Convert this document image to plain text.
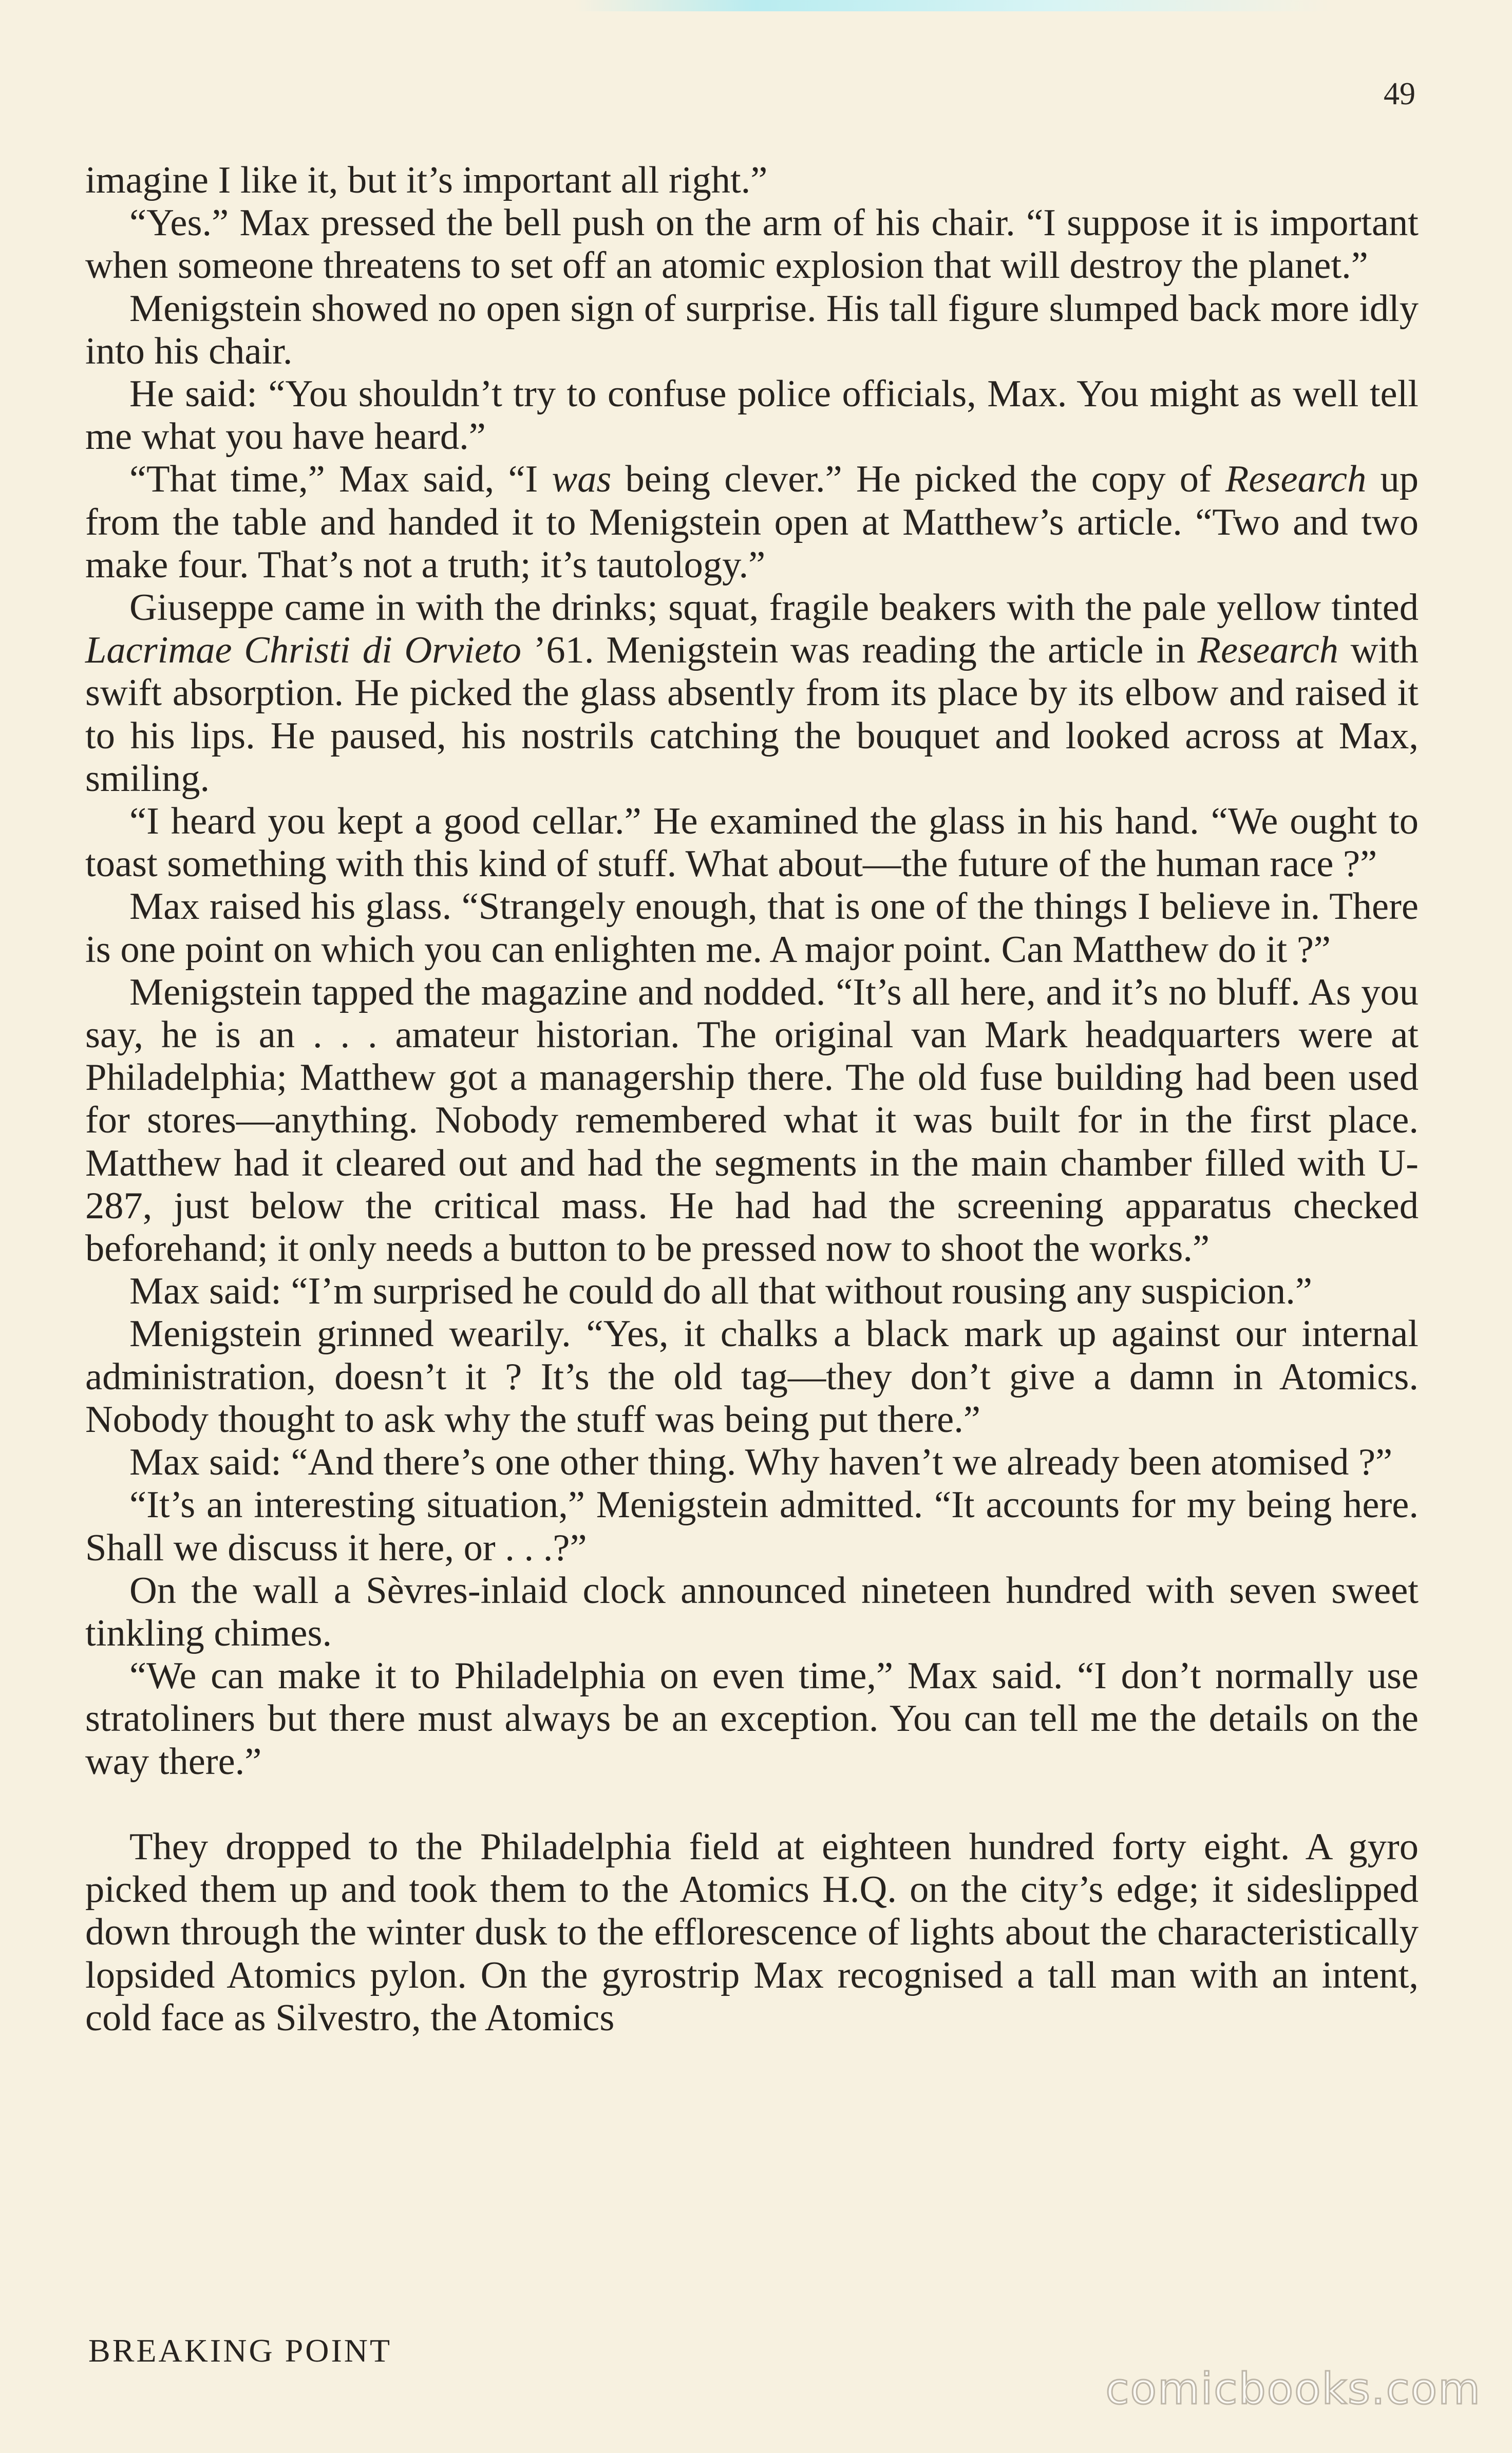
49

imagine I like it, but it’s important all right.”

“Yes.” Max pressed the bell push on the arm of his chair. “I suppose it is important when someone threatens to set off an atomic explosion that will destroy the planet.”

Menigstein showed no open sign of surprise. His tall figure slumped back more idly into his chair.

He said: “You shouldn’t try to confuse police officials, Max. You might as well tell me what you have heard.”

“That time,” Max said, “I was being clever.” He picked the copy of Research up from the table and handed it to Menigstein open at Matthew’s article. “Two and two make four. That’s not a truth; it’s tautology.”

Giuseppe came in with the drinks; squat, fragile beakers with the pale yellow tinted Lacrimae Christi di Orvieto ’61. Menigstein was reading the article in Research with swift absorption. He picked the glass absently from its place by its elbow and raised it to his lips. He paused, his nostrils catching the bouquet and looked across at Max, smiling.

“I heard you kept a good cellar.” He examined the glass in his hand. “We ought to toast something with this kind of stuff. What about—the future of the human race ?”

Max raised his glass. “Strangely enough, that is one of the things I believe in. There is one point on which you can enlighten me. A major point. Can Matthew do it ?”

Menigstein tapped the magazine and nodded. “It’s all here, and it’s no bluff. As you say, he is an . . . amateur historian. The original van Mark headquarters were at Philadelphia; Matthew got a managership there. The old fuse building had been used for stores—anything. Nobody remembered what it was built for in the first place. Matthew had it cleared out and had the segments in the main chamber filled with U-287, just below the critical mass. He had had the screening apparatus checked beforehand; it only needs a button to be pressed now to shoot the works.”

Max said: “I’m surprised he could do all that without rousing any suspicion.”

Menigstein grinned wearily. “Yes, it chalks a black mark up against our internal administration, doesn’t it ? It’s the old tag—they don’t give a damn in Atomics. Nobody thought to ask why the stuff was being put there.”

Max said: “And there’s one other thing. Why haven’t we already been atomised ?”

“It’s an interesting situation,” Menigstein admitted. “It accounts for my being here. Shall we discuss it here, or . . .?”

On the wall a Sèvres-inlaid clock announced nineteen hundred with seven sweet tinkling chimes.

“We can make it to Philadelphia on even time,” Max said. “I don’t normally use stratoliners but there must always be an exception. You can tell me the details on the way there.”

They dropped to the Philadelphia field at eighteen hundred forty eight. A gyro picked them up and took them to the Atomics H.Q. on the city’s edge; it sideslipped down through the winter dusk to the efflorescence of lights about the characteristically lopsided Atomics pylon. On the gyrostrip Max recognised a tall man with an intent, cold face as Silvestro, the Atomics

BREAKING POINT
comicbooks.com
